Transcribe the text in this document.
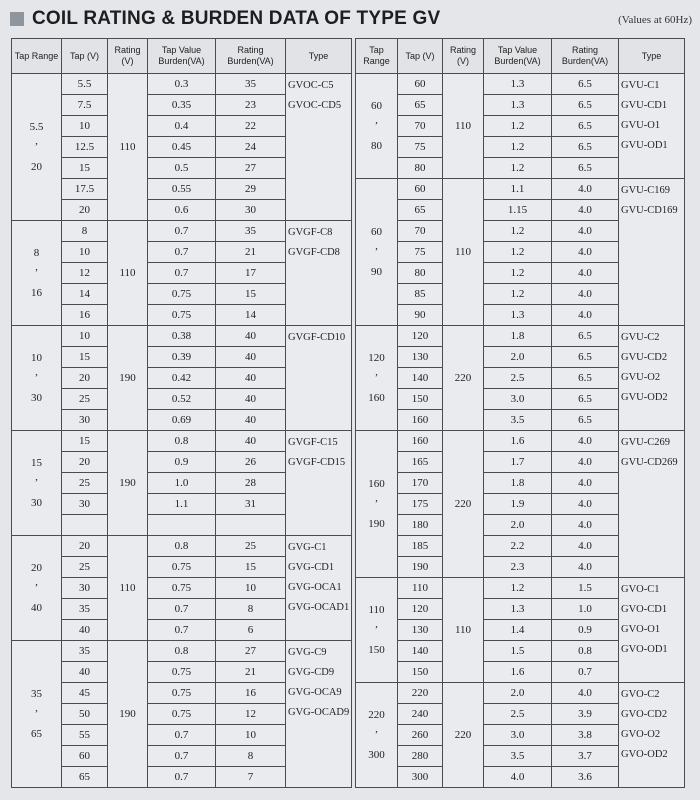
COIL RATING & BURDEN DATA OF TYPE GV	(Values at 60Hz)
Tap Range	Tap (V)	Rating (V)	Tap Value Burden(VA)	Rating Burden(VA)	Type

5.5
ʼ
20	5.5	110	0.3	35	GVOC-C5
GVOC-CD5

	7.5		0.35	23	
	10		0.4	22	
	12.5		0.45	24	
	15		0.5	27	
	17.5		0.55	29	
	20		0.6	30	

8
ʼ
16	8	110	0.7	35	GVGF-C8
GVGF-CD8

	10		0.7	21	
	12		0.7	17	
	14		0.75	15	
	16		0.75	14	

10
ʼ
30	10	190	0.38	40	GVGF-CD10

	15		0.39	40	
	20		0.42	40	
	25		0.52	40	
	30		0.69	40	

15
ʼ
30	15	190	0.8	40	GVGF-C15
GVGF-CD15

	20		0.9	26	
	25		1.0	28	
	30		1.1	31	

20
ʼ
40	20	110	0.8	25	GVG-C1
GVG-CD1
GVG-OCA1
GVG-OCAD1

	25		0.75	15	
	30		0.75	10	
	35		0.7	8	
	40		0.7	6	

35
ʼ
65	35	190	0.8	27	GVG-C9
GVG-CD9
GVG-OCA9
GVG-OCAD9

	40		0.75	21	
	45		0.75	16	
	50		0.75	12	
	55		0.7	10	
	60		0.7	8	
	65		0.7	7	
Tap Range	Tap (V)	Rating (V)	Tap Value Burden(VA)	Rating Burden(VA)	Type

60
ʼ
80	60	110	1.3	6.5	GVU-C1
GVU-CD1
GVU-O1
GVU-OD1

	65		1.3	6.5	
	70		1.2	6.5	
	75		1.2	6.5	
	80		1.2	6.5	

60
ʼ
90	60	110	1.1	4.0	GVU-C169
GVU-CD169

	65		1.15	4.0	
	70		1.2	4.0	
	75		1.2	4.0	
	80		1.2	4.0	
	85		1.2	4.0	
	90		1.3	4.0	

120
ʼ
160	120	220	1.8	6.5	GVU-C2
GVU-CD2
GVU-O2
GVU-OD2

	130		2.0	6.5	
	140		2.5	6.5	
	150		3.0	6.5	
	160		3.5	6.5	

160
ʼ
190	160	220	1.6	4.0	GVU-C269
GVU-CD269

	165		1.7	4.0	
	170		1.8	4.0	
	175		1.9	4.0	
	180		2.0	4.0	
	185		2.2	4.0	
	190		2.3	4.0	

110
ʼ
150	110	110	1.2	1.5	GVO-C1
GVO-CD1
GVO-O1
GVO-OD1

	120		1.3	1.0	
	130		1.4	0.9	
	140		1.5	0.8	
	150		1.6	0.7	

220
ʼ
300	220	220	2.0	4.0	GVO-C2
GVO-CD2
GVO-O2
GVO-OD2

	240		2.5	3.9	
	260		3.0	3.8	
	280		3.5	3.7	
	300		4.0	3.6	
